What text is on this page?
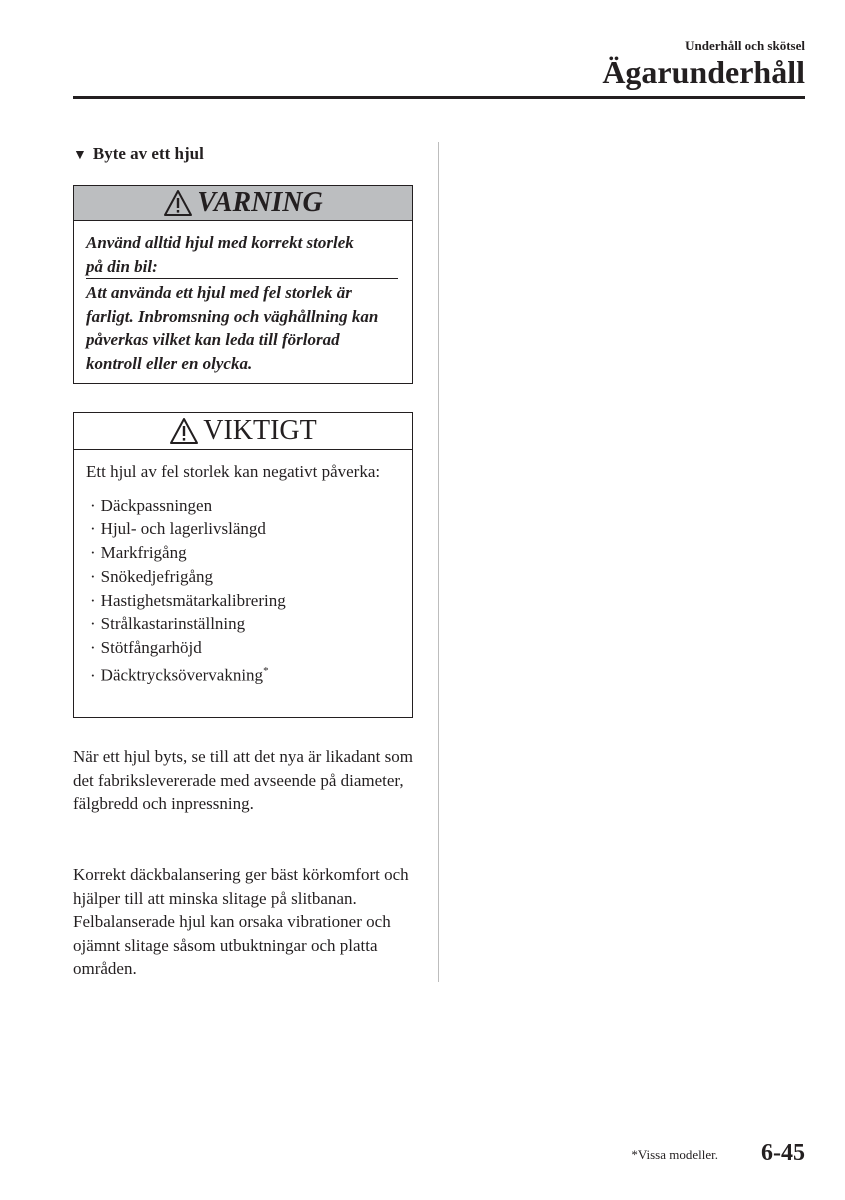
Underhåll och skötsel
Ägarunderhåll
▼ Byte av ett hjul
VARNING
Använd alltid hjul med korrekt storlek
på din bil:
Att använda ett hjul med fel storlek är farligt. Inbromsning och väghållning kan påverkas vilket kan leda till förlorad kontroll eller en olycka.
VIKTIGT
Ett hjul av fel storlek kan negativt påverka:
· Däckpassningen
· Hjul- och lagerlivslängd
· Markfrigång
· Snökedjefrigång
· Hastighetsmätarkalibrering
· Strålkastarinställning
· Stötfångarhöjd
· Däcktrycksövervakning*
När ett hjul byts, se till att det nya är likadant som det fabrikslevererade med avseende på diameter, fälgbredd och inpressning.
Korrekt däckbalansering ger bäst körkomfort och hjälper till att minska slitage på slitbanan. Felbalanserade hjul kan orsaka vibrationer och ojämnt slitage såsom utbuktningar och platta områden.
*Vissa modeller. 6-45
